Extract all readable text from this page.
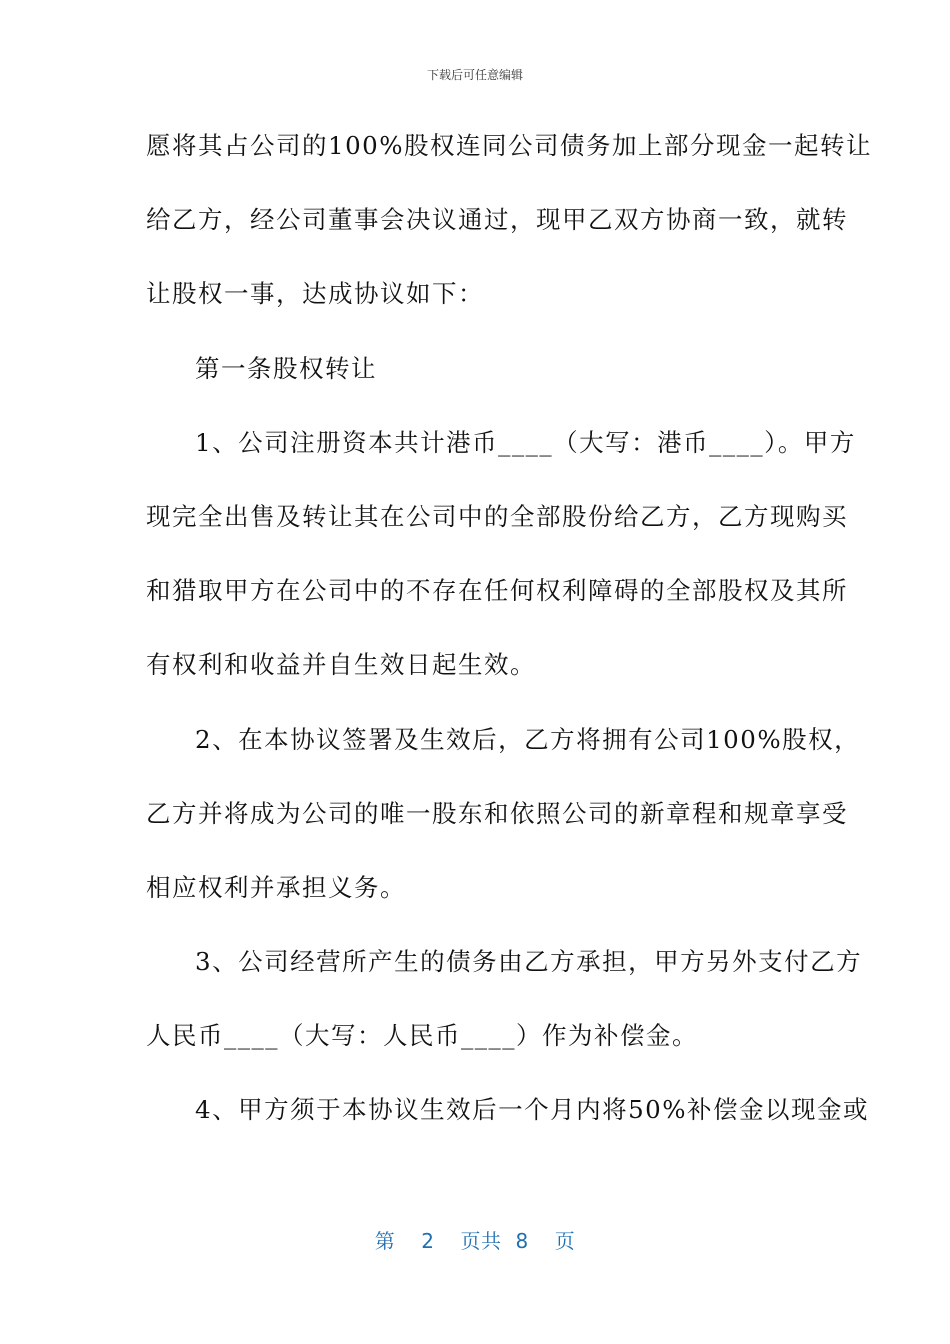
下载后可任意编辑
愿将其占公司的100%股权连同公司债务加上部分现金一起转让
给乙方，经公司董事会决议通过，现甲乙双方协商一致，就转
让股权一事，达成协议如下：
第一条股权转让
1、公司注册资本共计港币____（大写：港币____）。甲方
现完全出售及转让其在公司中的全部股份给乙方，乙方现购买
和猎取甲方在公司中的不存在任何权利障碍的全部股权及其所
有权利和收益并自生效日起生效。
2、在本协议签署及生效后，乙方将拥有公司100%股权，
乙方并将成为公司的唯一股东和依照公司的新章程和规章享受
相应权利并承担义务。
3、公司经营所产生的债务由乙方承担，甲方另外支付乙方
人民币____（大写：人民币____）作为补偿金。
4、甲方须于本协议生效后一个月内将50%补偿金以现金或
第 2 页共 8 页
